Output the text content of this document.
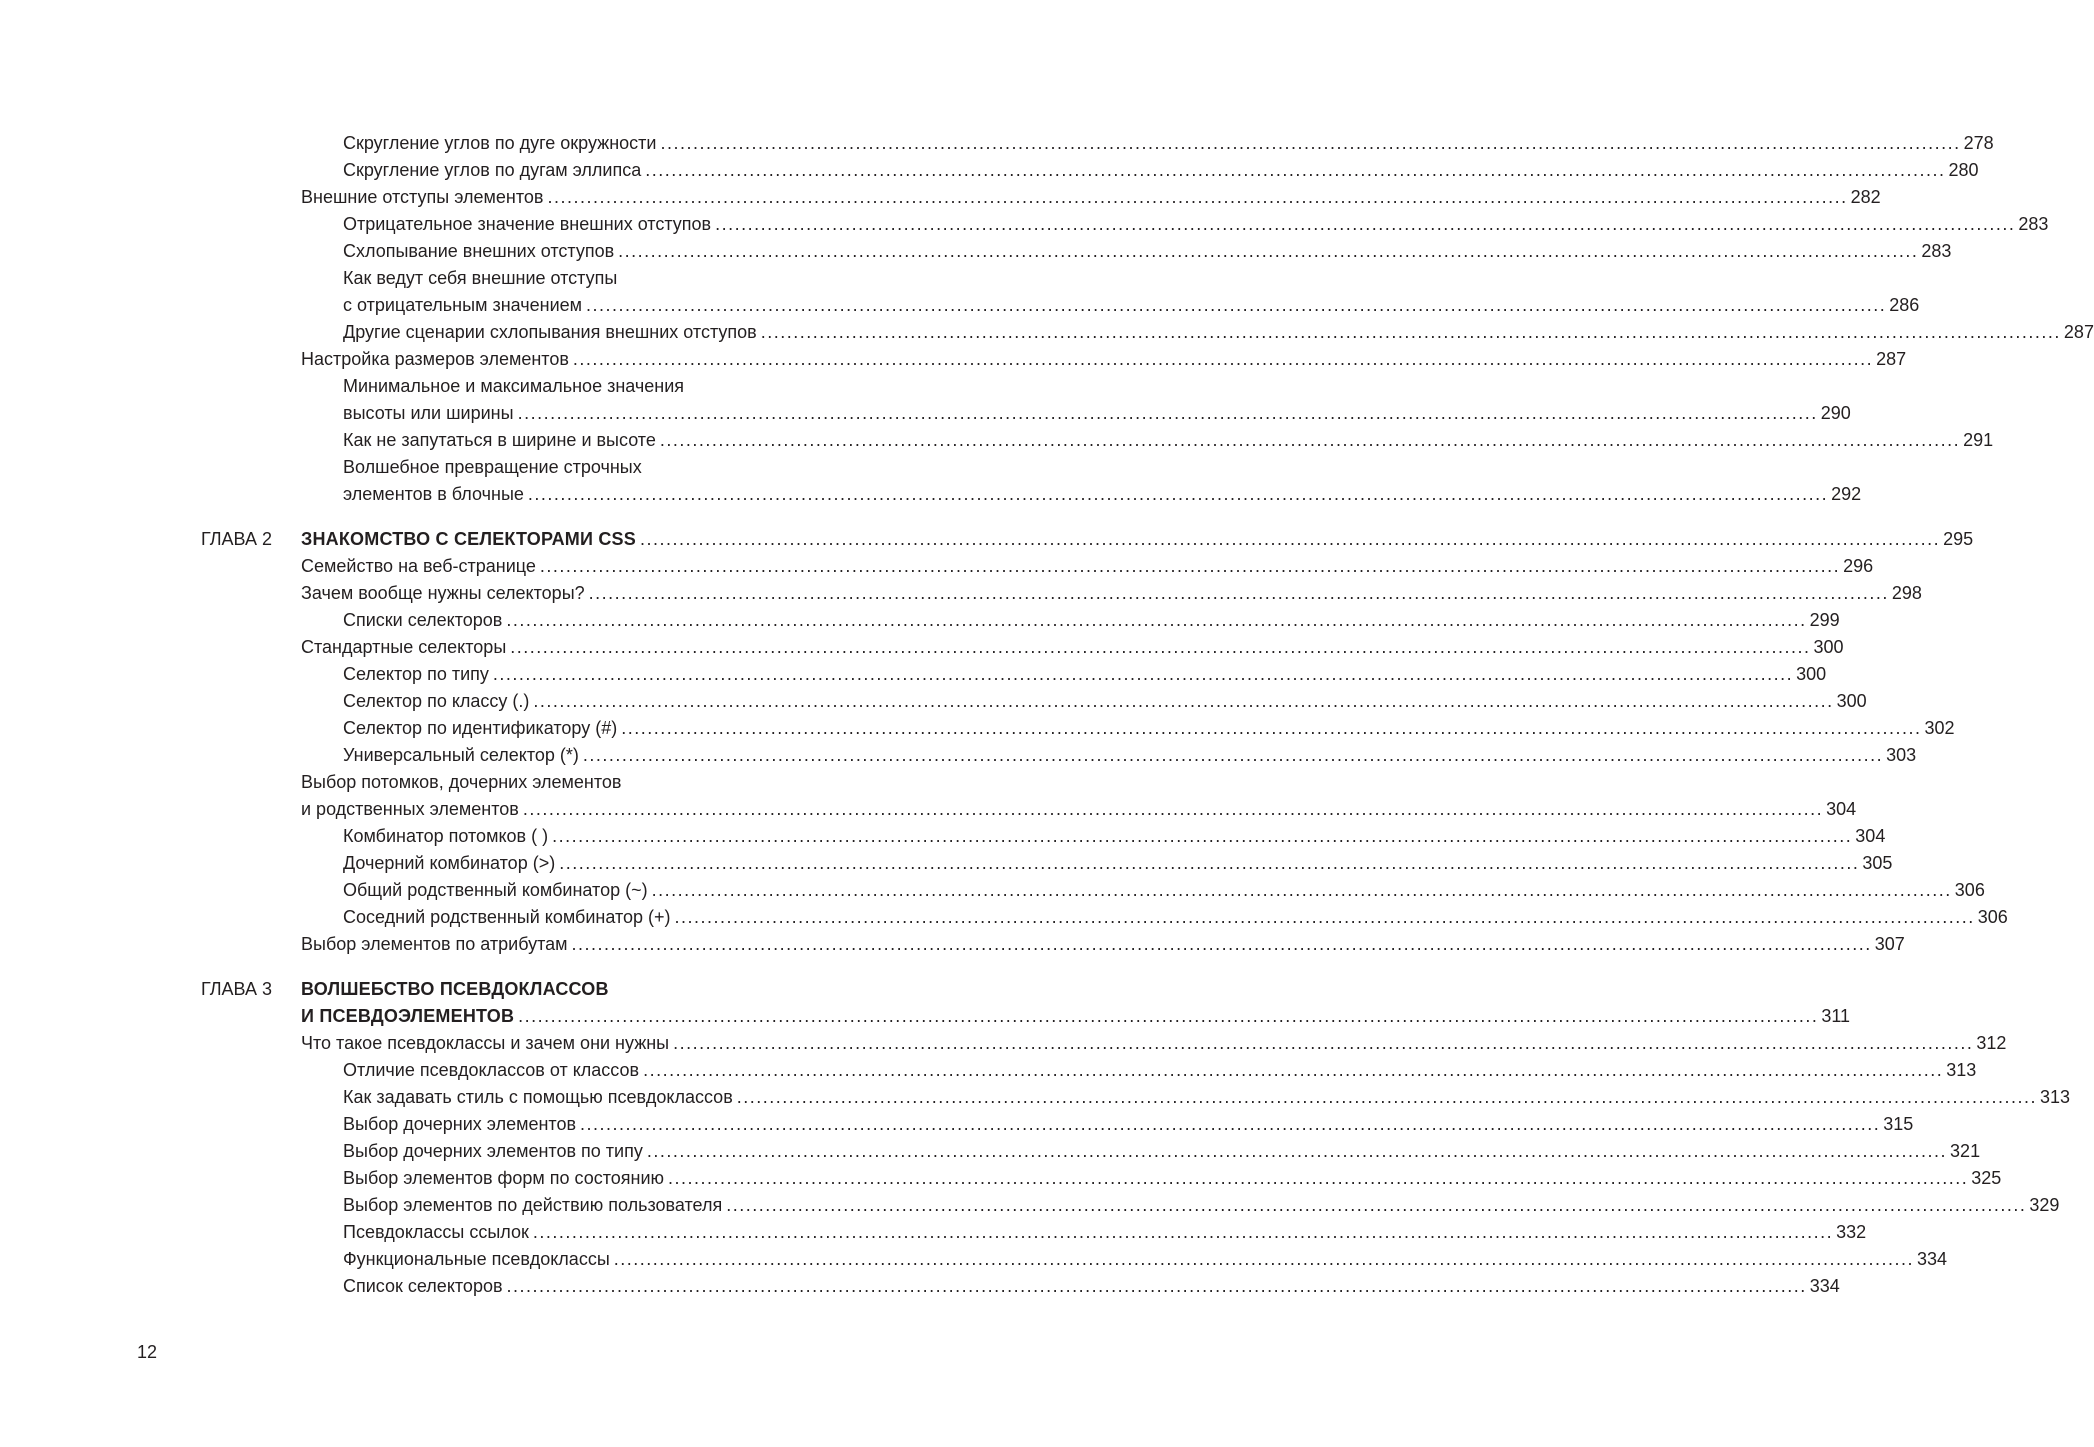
Скругление углов по дуге окружности ........................................................................................................................................................................................................ 278
Скругление углов по дугам эллипса ........................................................................................................................................................................................................ 280
Внешние отступы элементов ........................................................................................................................................................................................................ 282
Отрицательное значение внешних отступов ........................................................................................................................................................................................................ 283
Схлопывание внешних отступов ........................................................................................................................................................................................................ 283
Как ведут себя внешние отступы
с отрицательным значением ........................................................................................................................................................................................................ 286
Другие сценарии схлопывания внешних отступов ........................................................................................................................................................................................................ 287
Настройка размеров элементов ........................................................................................................................................................................................................ 287
Минимальное и максимальное значения
высоты или ширины ........................................................................................................................................................................................................ 290
Как не запутаться в ширине и высоте ........................................................................................................................................................................................................ 291
Волшебное превращение строчных
элементов в блочные ........................................................................................................................................................................................................ 292
ГЛАВА 2 ЗНАКОМСТВО С СЕЛЕКТОРАМИ CSS ........................................................................................................................................................................................................ 295
Семейство на веб-странице ........................................................................................................................................................................................................ 296
Зачем вообще нужны селекторы? ........................................................................................................................................................................................................ 298
Списки селекторов ........................................................................................................................................................................................................ 299
Стандартные селекторы ........................................................................................................................................................................................................ 300
Селектор по типу ........................................................................................................................................................................................................ 300
Селектор по классу (.) ........................................................................................................................................................................................................ 300
Селектор по идентификатору (#) ........................................................................................................................................................................................................ 302
Универсальный селектор (*) ........................................................................................................................................................................................................ 303
Выбор потомков, дочерних элементов
и родственных элементов ........................................................................................................................................................................................................ 304
Комбинатор потомков ( ) ........................................................................................................................................................................................................ 304
Дочерний комбинатор (>) ........................................................................................................................................................................................................ 305
Общий родственный комбинатор (~) ........................................................................................................................................................................................................ 306
Соседний родственный комбинатор (+) ........................................................................................................................................................................................................ 306
Выбор элементов по атрибутам ........................................................................................................................................................................................................ 307
ГЛАВА 3 ВОЛШЕБСТВО ПСЕВДОКЛАССОВ
И ПСЕВДОЭЛЕМЕНТОВ ........................................................................................................................................................................................................ 311
Что такое псевдоклассы и зачем они нужны ........................................................................................................................................................................................................ 312
Отличие псевдоклассов от классов ........................................................................................................................................................................................................ 313
Как задавать стиль с помощью псевдоклассов ........................................................................................................................................................................................................ 313
Выбор дочерних элементов ........................................................................................................................................................................................................ 315
Выбор дочерних элементов по типу ........................................................................................................................................................................................................ 321
Выбор элементов форм по состоянию ........................................................................................................................................................................................................ 325
Выбор элементов по действию пользователя ........................................................................................................................................................................................................ 329
Псевдоклассы ссылок ........................................................................................................................................................................................................ 332
Функциональные псевдоклассы ........................................................................................................................................................................................................ 334
Список селекторов ........................................................................................................................................................................................................ 334
12
